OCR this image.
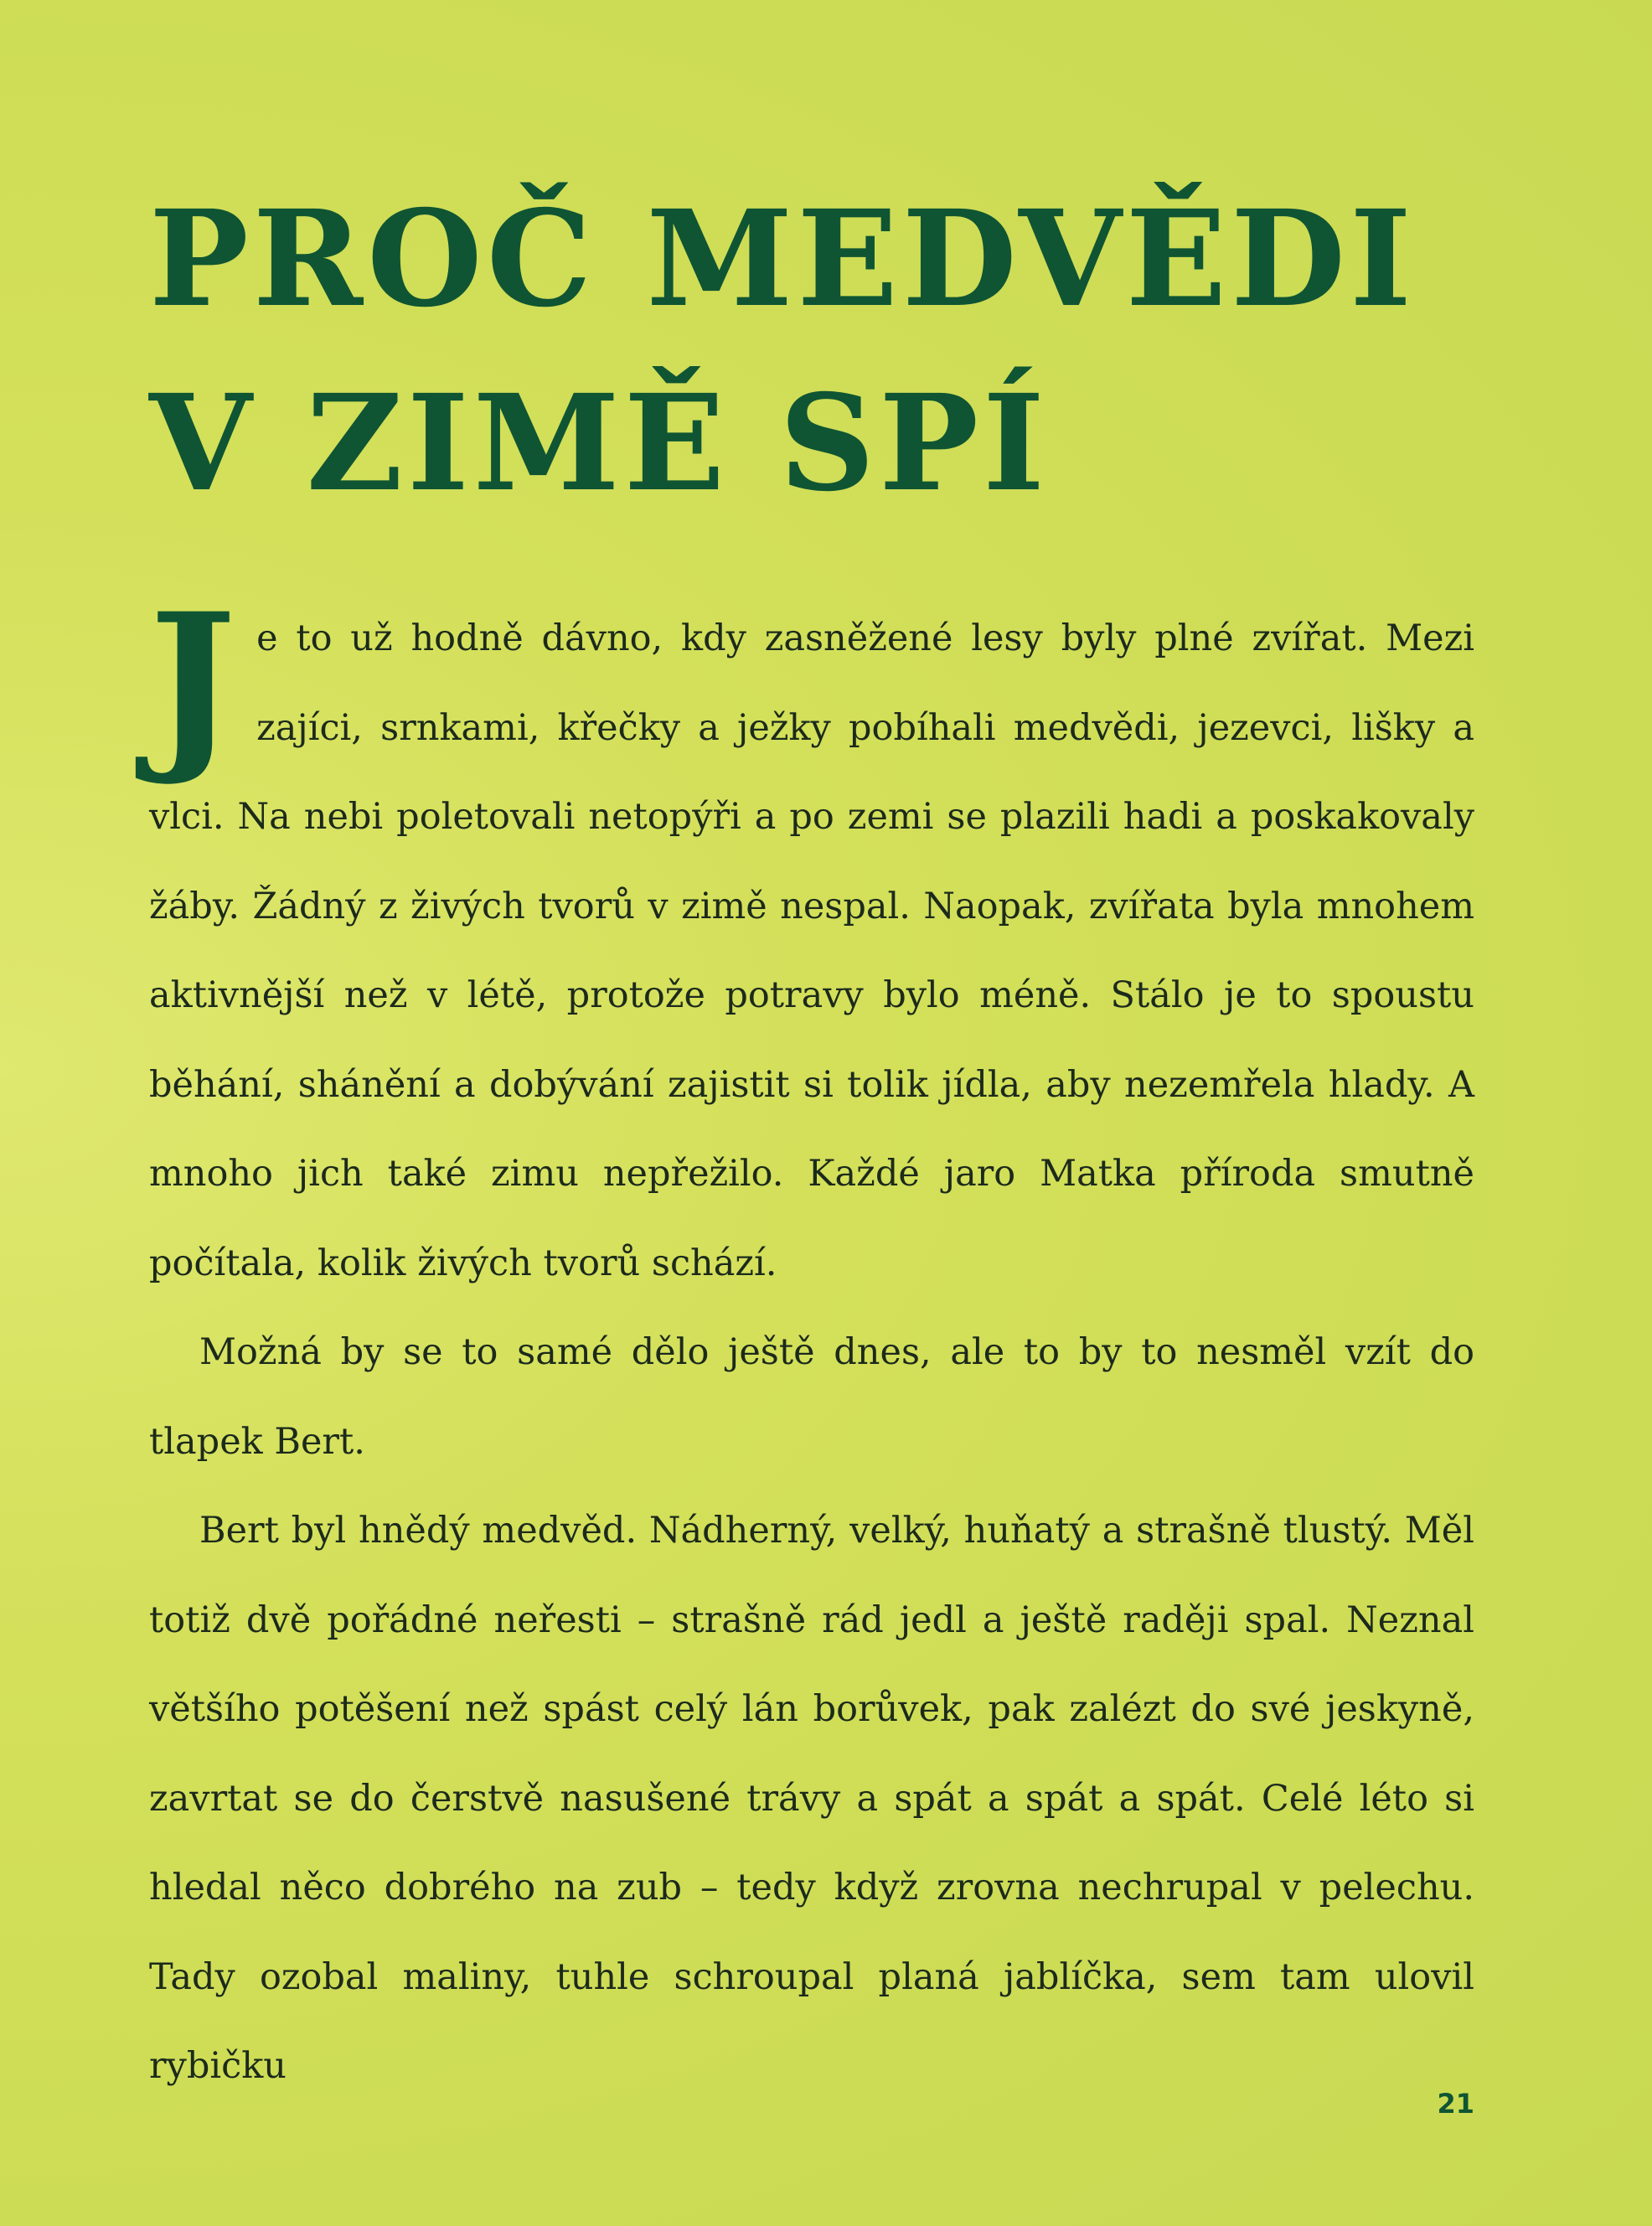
PROČ MEDVĚDI
V ZIMĚ SPÍ

Je to už hodně dávno, kdy zasněžené lesy byly plné zvířat. Mezi zajíci, srnkami, křečky a ježky pobíhali medvědi, jezevci, lišky a vlci. Na nebi poletovali netopýři a po zemi se plazili hadi a poskakovaly žáby. Žádný z živých tvorů v zimě nespal. Naopak, zvířata byla mnohem aktivnější než v létě, protože potravy bylo méně. Stálo je to spoustu běhání, shánění a dobývání zajistit si tolik jídla, aby nezemřela hlady. A mnoho jich také zimu nepřežilo. Každé jaro Matka příroda smutně počítala, kolik živých tvorů schází.

Možná by se to samé dělo ještě dnes, ale to by to nesměl vzít do tlapek Bert.

Bert byl hnědý medvěd. Nádherný, velký, huňatý a strašně tlustý. Měl totiž dvě pořádné neřesti – strašně rád jedl a ještě raději spal. Neznal většího potěšení než spást celý lán borůvek, pak zalézt do své jeskyně, zavrtat se do čerstvě nasušené trávy a spát a spát a spát. Celé léto si hledal něco dobrého na zub – tedy když zrovna nechrupal v pelechu. Tady ozobal maliny, tuhle schroupal planá jablíčka, sem tam ulovil rybičku

21
